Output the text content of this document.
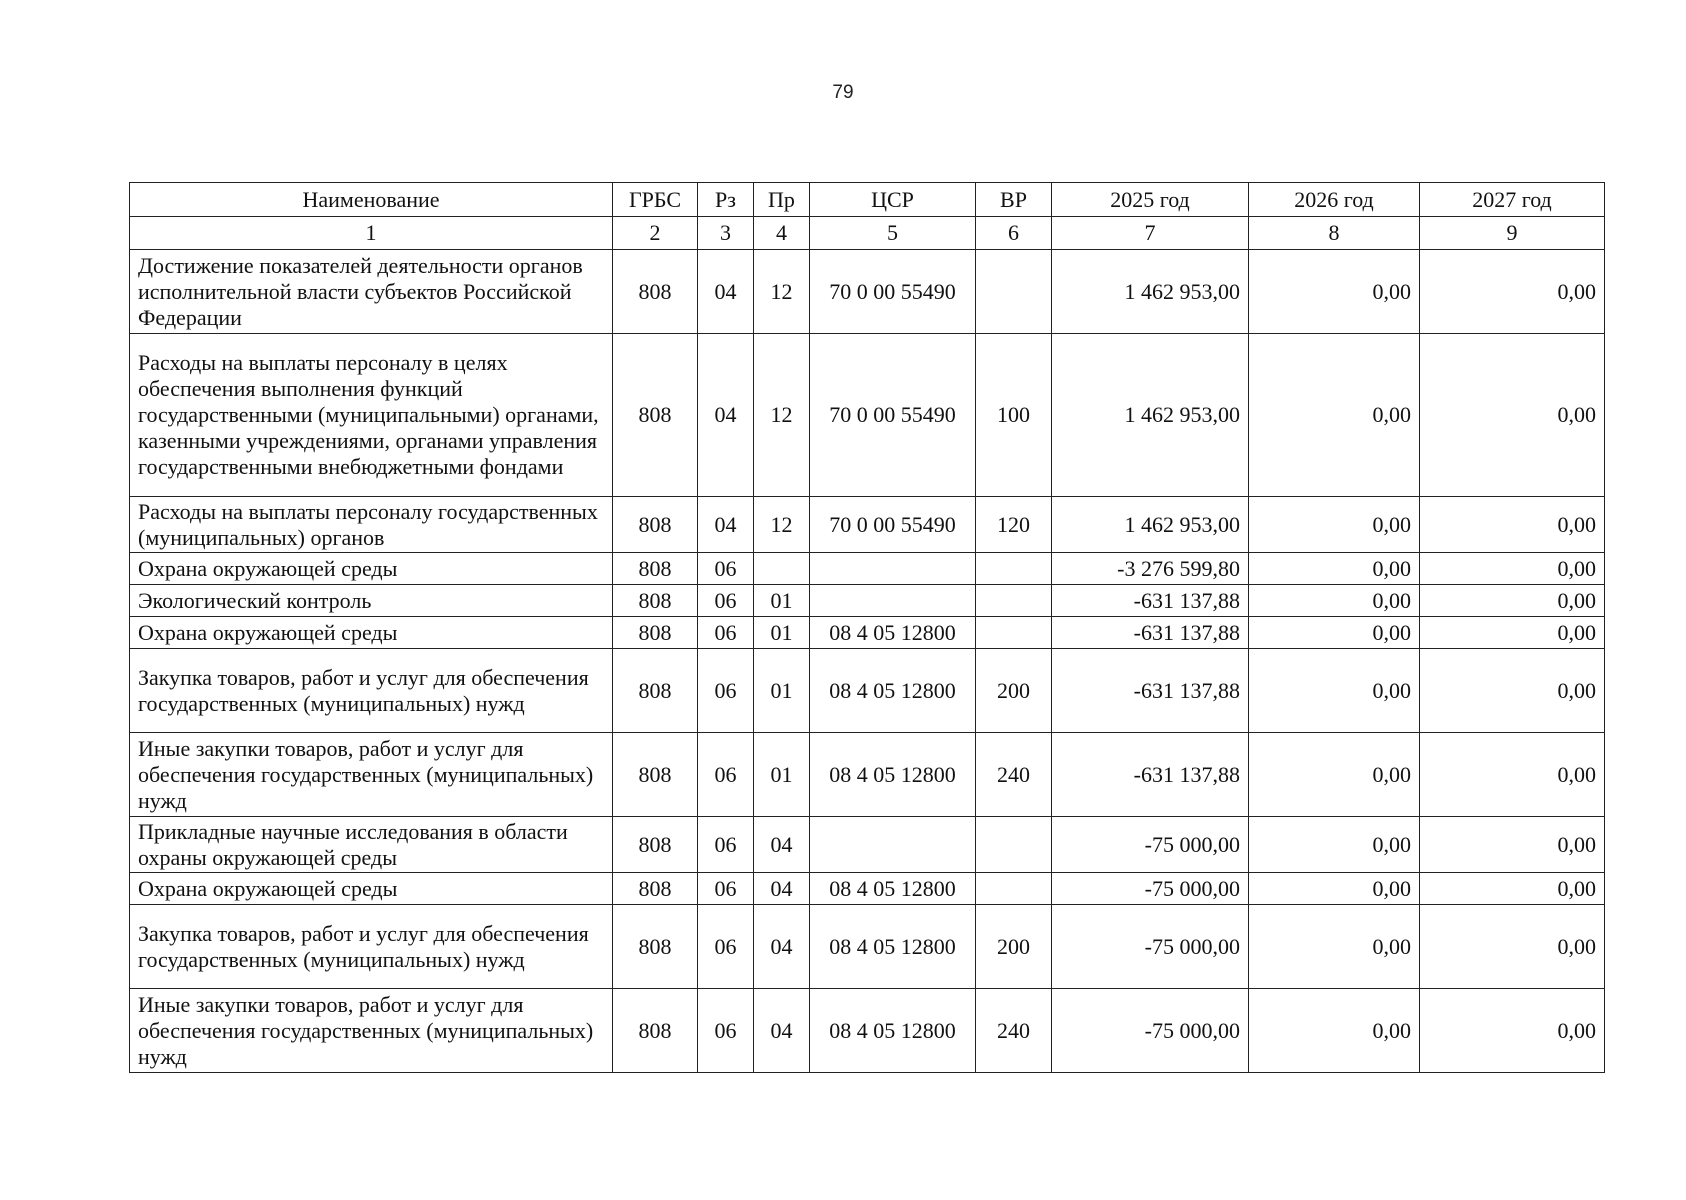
79
Наименование	ГРБС	Рз	Пр	ЦСР	ВР	2025 год	2026 год	2027 год
1	2	3	4	5	6	7	8	9
Достижение показателей деятельности органов исполнительной власти субъектов Российской Федерации	808	04	12	70 0 00 55490		1 462 953,00	0,00	0,00
Расходы на выплаты персоналу в целях обеспечения выполнения функций государственными (муниципальными) органами, казенными учреждениями, органами управления государственными внебюджетными фондами	808	04	12	70 0 00 55490	100	1 462 953,00	0,00	0,00
Расходы на выплаты персоналу государственных (муниципальных) органов	808	04	12	70 0 00 55490	120	1 462 953,00	0,00	0,00
Охрана окружающей среды	808	06				-3 276 599,80	0,00	0,00
Экологический контроль	808	06	01			-631 137,88	0,00	0,00
Охрана окружающей среды	808	06	01	08 4 05 12800		-631 137,88	0,00	0,00
Закупка товаров, работ и услуг для обеспечения государственных (муниципальных) нужд	808	06	01	08 4 05 12800	200	-631 137,88	0,00	0,00
Иные закупки товаров, работ и услуг для обеспечения государственных (муниципальных) нужд	808	06	01	08 4 05 12800	240	-631 137,88	0,00	0,00
Прикладные научные исследования в области охраны окружающей среды	808	06	04			-75 000,00	0,00	0,00
Охрана окружающей среды	808	06	04	08 4 05 12800		-75 000,00	0,00	0,00
Закупка товаров, работ и услуг для обеспечения государственных (муниципальных) нужд	808	06	04	08 4 05 12800	200	-75 000,00	0,00	0,00
Иные закупки товаров, работ и услуг для обеспечения государственных (муниципальных) нужд	808	06	04	08 4 05 12800	240	-75 000,00	0,00	0,00
